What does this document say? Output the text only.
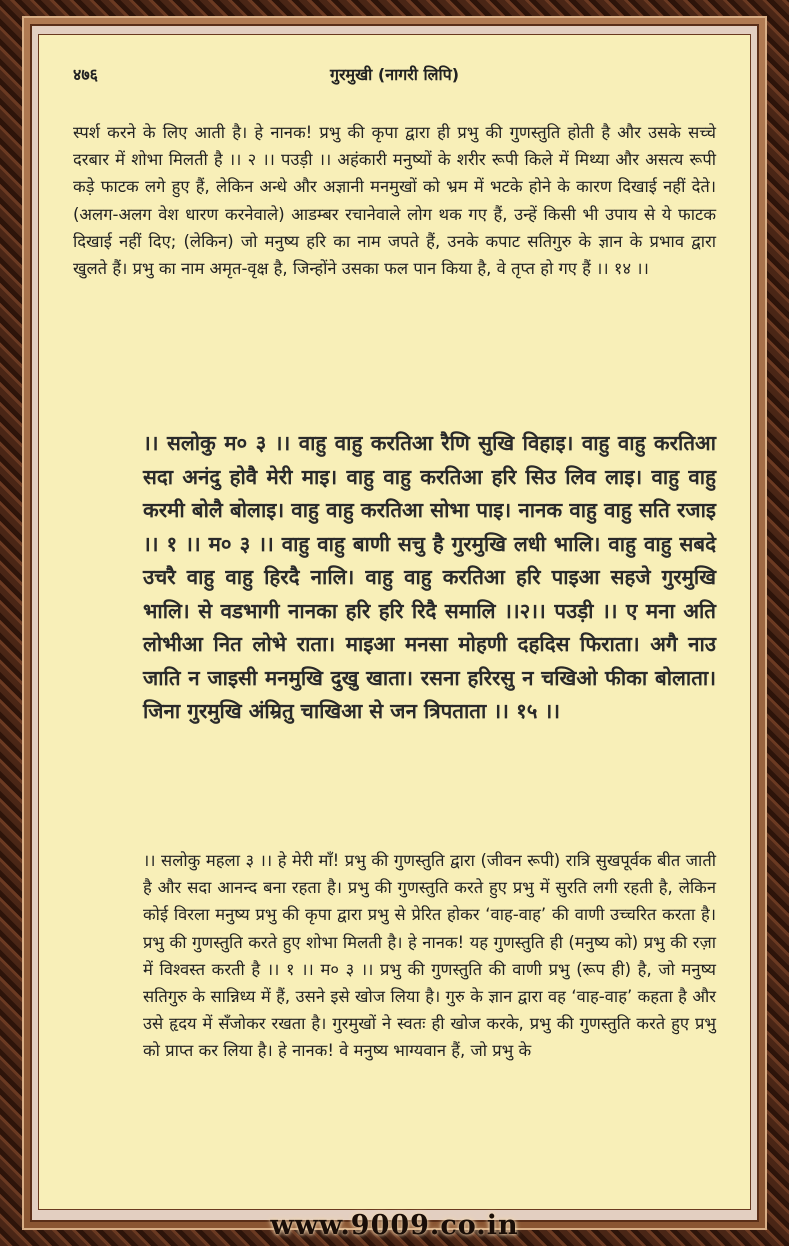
४७६	गुरमुखी (नागरी लिपि)
स्पर्श करने के लिए आती है। हे नानक! प्रभु की कृपा द्वारा ही प्रभु की गुणस्तुति होती है और उसके सच्चे दरबार में शोभा मिलती है ।। २ ।। पउड़ी ।। अहंकारी मनुष्यों के शरीर रूपी किले में मिथ्या और असत्य रूपी कड़े फाटक लगे हुए हैं, लेकिन अन्धे और अज्ञानी मनमुखों को भ्रम में भटके होने के कारण दिखाई नहीं देते। (अलग-अलग वेश धारण करनेवाले) आडम्बर रचानेवाले लोग थक गए हैं, उन्हें किसी भी उपाय से ये फाटक दिखाई नहीं दिए; (लेकिन) जो मनुष्य हरि का नाम जपते हैं, उनके कपाट सतिगुरु के ज्ञान के प्रभाव द्वारा खुलते हैं। प्रभु का नाम अमृत-वृक्ष है, जिन्होंने उसका फल पान किया है, वे तृप्त हो गए हैं ।। १४ ।।
।। सलोकु म० ३ ।। वाहु वाहु करतिआ रैणि सुखि विहाइ। वाहु वाहु करतिआ सदा अनंदु होवै मेरी माइ। वाहु वाहु करतिआ हरि सिउ लिव लाइ। वाहु वाहु करमी बोलै बोलाइ। वाहु वाहु करतिआ सोभा पाइ। नानक वाहु वाहु सति रजाइ ।। १ ।। म० ३ ।। वाहु वाहु बाणी सचु है गुरमुखि लधी भालि। वाहु वाहु सबदे उचरै वाहु वाहु हिरदै नालि। वाहु वाहु करतिआ हरि पाइआ सहजे गुरमुखि भालि। से वडभागी नानका हरि हरि रिदै समालि ।।२।। पउड़ी ।। ए मना अति लोभीआ नित लोभे राता। माइआ मनसा मोहणी दहदिस फिराता। अगै नाउ जाति न जाइसी मनमुखि दुखु खाता। रसना हरिरसु न चखिओ फीका बोलाता। जिना गुरमुखि अंम्रितु चाखिआ से जन त्रिपताता ।। १५ ।।
।। सलोकु महला ३ ।। हे मेरी माँ! प्रभु की गुणस्तुति द्वारा (जीवन रूपी) रात्रि सुखपूर्वक बीत जाती है और सदा आनन्द बना रहता है। प्रभु की गुणस्तुति करते हुए प्रभु में सुरति लगी रहती है, लेकिन कोई विरला मनुष्य प्रभु की कृपा द्वारा प्रभु से प्रेरित होकर ‘वाह-वाह’ की वाणी उच्चरित करता है। प्रभु की गुणस्तुति करते हुए शोभा मिलती है। हे नानक! यह गुणस्तुति ही (मनुष्य को) प्रभु की रज़ा में विश्वस्त करती है ।। १ ।। म० ३ ।। प्रभु की गुणस्तुति की वाणी प्रभु (रूप ही) है, जो मनुष्य सतिगुरु के सान्निध्य में हैं, उसने इसे खोज लिया है। गुरु के ज्ञान द्वारा वह ‘वाह-वाह’ कहता है और उसे हृदय में सँजोकर रखता है। गुरमुखों ने स्वतः ही खोज करके, प्रभु की गुणस्तुति करते हुए प्रभु को प्राप्त कर लिया है। हे नानक! वे मनुष्य भाग्यवान हैं, जो प्रभु के
www.9009.co.in
